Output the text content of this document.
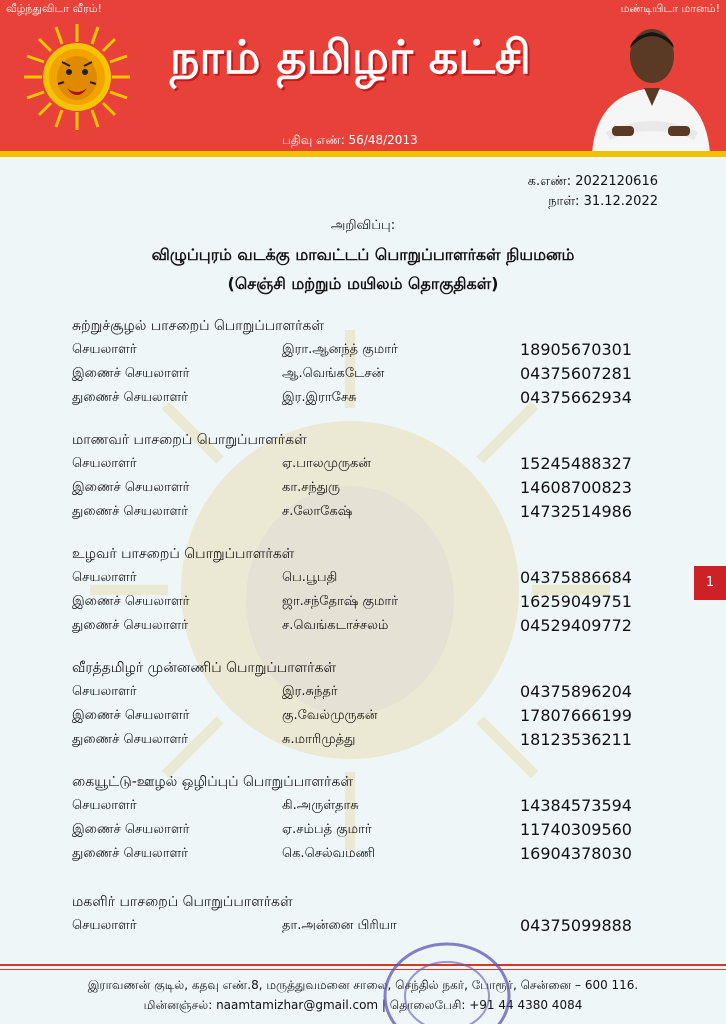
வீழ்ந்துவிடா வீரம்!	மண்டியிடா மானம்!
நாம் தமிழர் கட்சி
பதிவு எண்: 56/48/2013
க.எண்: 2022120616
நாள்: 31.12.2022
அறிவிப்பு:
விழுப்புரம் வடக்கு மாவட்டப் பொறுப்பாளர்கள் நியமனம்
(செஞ்சி மற்றும் மயிலம் தொகுதிகள்)
சுற்றுச்சூழல் பாசறைப் பொறுப்பாளர்கள்
செயலாளர்	இரா.ஆனந்த் குமார்	18905670301
இணைச் செயலாளர்	ஆ.வெங்கடேசன்	04375607281
துணைச் செயலாளர்	இர.இராசேசு	04375662934
மாணவர் பாசறைப் பொறுப்பாளர்கள்
செயலாளர்	ஏ.பாலமுருகன்	15245488327
இணைச் செயலாளர்	கா.சந்துரு	14608700823
துணைச் செயலாளர்	ச.லோகேஷ்	14732514986
உழவர் பாசறைப் பொறுப்பாளர்கள்
செயலாளர்	பெ.பூபதி	04375886684
இணைச் செயலாளர்	ஜா.சந்தோஷ் குமார்	16259049751
துணைச் செயலாளர்	ச.வெங்கடாச்சலம்	04529409772
வீரத்தமிழர் முன்னணிப் பொறுப்பாளர்கள்
செயலாளர்	இர.சுந்தர்	04375896204
இணைச் செயலாளர்	கு.வேல்முருகன்	17807666199
துணைச் செயலாளர்	சு.மாரிமுத்து	18123536211
கையூட்டு-ஊழல் ஒழிப்புப் பொறுப்பாளர்கள்
செயலாளர்	கி.அருள்தாசு	14384573594
இணைச் செயலாளர்	ஏ.சம்பத் குமார்	11740309560
துணைச் செயலாளர்	கெ.செல்வமணி	16904378030
மகளிர் பாசறைப் பொறுப்பாளர்கள்
செயலாளர்	தா.அன்னை பிரியா	04375099888
1
இராவணன் குடில், கதவு எண்.8, மருத்துவமனை சாலை, செந்தில் நகர், போரூர், சென்னை – 600 116.
மின்னஞ்சல்: naamtamizhar@gmail.com | தொலைபேசி: +91 44 4380 4084
